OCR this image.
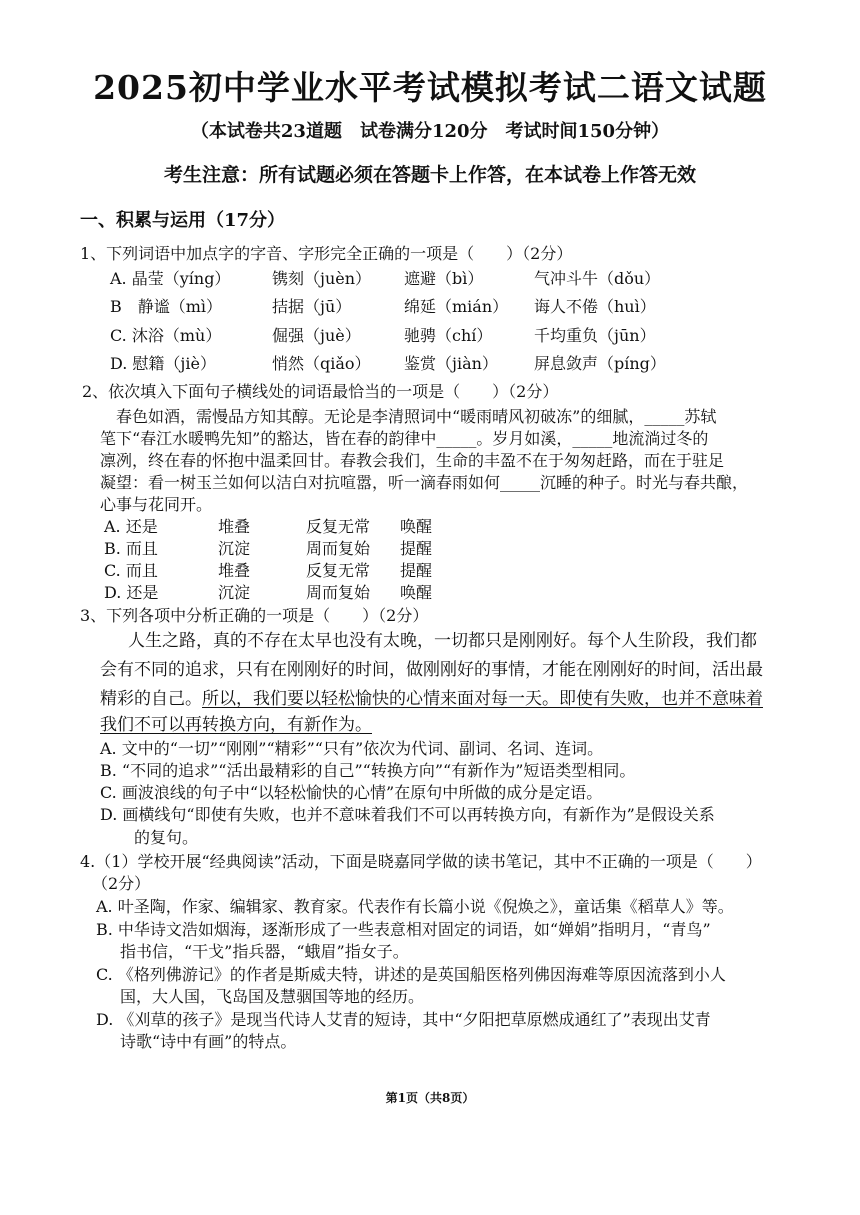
2025初中学业水平考试模拟考试二语文试题
（本试卷共23道题　试卷满分120分　考试时间150分钟）
考生注意：所有试题必须在答题卡上作答，在本试卷上作答无效
一、积累与运用（17分）
1、下列词语中加点字的字音、字形完全正确的一项是（　　）（2分）
A. 晶莹（yíng）	镌刻（juèn） 遮避（bì）	气冲斗牛（dǒu）
B　静谧（mì）	拮据（jū）	绵延（mián） 诲人不倦（huì）
C. 沐浴（mù）	倔强（juè）	驰骋（chí）	千均重负（jūn）
D. 慰籍（jiè）	悄然（qiǎo） 鉴赏（jiàn） 屏息敛声（píng）
2、依次填入下面句子横线处的词语最恰当的一项是（　　）（2分）
春色如酒，需慢品方知其醇。无论是李清照词中“暖雨晴风初破冻”的细腻，_____苏轼
笔下“春江水暖鸭先知”的豁达，皆在春的韵律中_____。岁月如溪，_____地流淌过冬的
凛冽，终在春的怀抱中温柔回甘。春教会我们，生命的丰盈不在于匆匆赶路，而在于驻足
凝望：看一树玉兰如何以洁白对抗喧嚣，听一滴春雨如何_____沉睡的种子。时光与春共酿，
心事与花同开。
A. 还是	堆叠	反复无常 唤醒
B. 而且	沉淀	周而复始 提醒
C. 而且	堆叠	反复无常 提醒
D. 还是	沉淀	周而复始 唤醒
3、下列各项中分析正确的一项是（　　）（2分）
人生之路，真的不存在太早也没有太晚，一切都只是刚刚好。每个人生阶段，我们都
会有不同的追求，只有在刚刚好的时间，做刚刚好的事情，才能在刚刚好的时间，活出最
精彩的自己。所以，我们要以轻松愉快的心情来面对每一天。即使有失败，也并不意味着
我们不可以再转换方向，有新作为。
A. 文中的“一切”“刚刚”“精彩”“只有”依次为代词、副词、名词、连词。
B. “不同的追求”“活出最精彩的自己”“转换方向”“有新作为”短语类型相同。
C. 画波浪线的句子中“以轻松愉快的心情”在原句中所做的成分是定语。
D. 画横线句“即使有失败，也并不意味着我们不可以再转换方向，有新作为”是假设关系
的复句。
4.（1）学校开展“经典阅读”活动，下面是晓嘉同学做的读书笔记，其中不正确的一项是（　　）
（2分）
A. 叶圣陶，作家、编辑家、教育家。代表作有长篇小说《倪焕之》，童话集《稻草人》等。
B. 中华诗文浩如烟海，逐渐形成了一些表意相对固定的词语，如“婵娟”指明月，“青鸟”
指书信，“干戈”指兵器，“蛾眉”指女子。
C. 《格列佛游记》的作者是斯威夫特，讲述的是英国船医格列佛因海难等原因流落到小人
国，大人国，飞岛国及慧骃国等地的经历。
D. 《刈草的孩子》是现当代诗人艾青的短诗，其中“夕阳把草原燃成通红了”表现出艾青
诗歌“诗中有画”的特点。
第1页（共8页）
